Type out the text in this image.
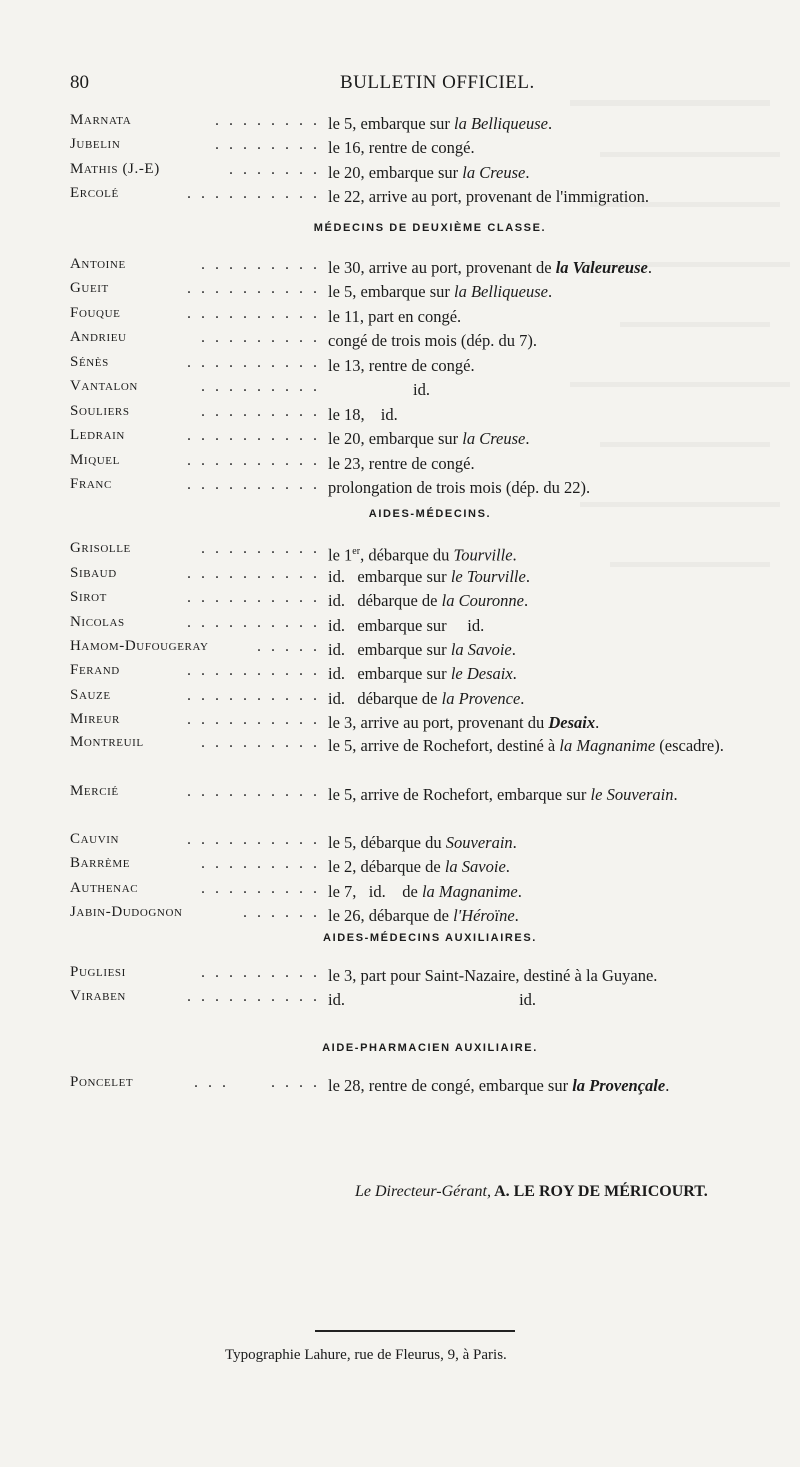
80	BULLETIN OFFICIEL.
Marnata	. . . . . . . . le 5, embarque sur la Belliqueuse.
Jubelin	. . . . . . . . le 16, rentre de congé.
Mathis (J.-E)	. . . . . . . le 20, embarque sur la Creuse.
Ercolé	. . . . . . . . . . le 22, arrive au port, provenant de l'immigration.
MÉDECINS DE DEUXIÈME CLASSE.
Antoine	. . . . . . . . . le 30, arrive au port, provenant de la Valeureuse.
Gueit	. . . . . . . . . . le 5, embarque sur la Belliqueuse.
Fouque	. . . . . . . . . . le 11, part en congé.
Andrieu	. . . . . . . . . congé de trois mois (dép. du 7).
Sénès	. . . . . . . . . . le 13, rentre de congé.
Vantalon	. . . . . . . . .	id.
Souliers	. . . . . . . . . le 18, id.
Ledrain	. . . . . . . . . . le 20, embarque sur la Creuse.
Miquel	. . . . . . . . . . le 23, rentre de congé.
Franc	. . . . . . . . . . prolongation de trois mois (dép. du 22).
AIDES-MÉDECINS.
Grisolle	. . . . . . . . . le 1er, débarque du Tourville.
Sibaud	. . . . . . . . . . id.   embarque sur le Tourville.
Sirot	. . . . . . . . . . id.   débarque de la Couronne.
Nicolas	. . . . . . . . . . id.   embarque sur     id.
Hamom-Dufougeray	. . . . . id.   embarque sur la Savoie.
Ferand	. . . . . . . . . . id.   embarque sur le Desaix.
Sauze	. . . . . . . . . . id.   débarque de la Provence.
Mireur	. . . . . . . . . . le 3, arrive au port, provenant du Desaix.
Montreuil	. . . . . . . . . le 5, arrive de Rochefort, destiné à la Magnanime (escadre).
Mercié	. . . . . . . . . . le 5, arrive de Rochefort, embarque sur le Souverain.
Cauvin	. . . . . . . . . . le 5, débarque du Souverain.
Barrème	. . . . . . . . . le 2, débarque de la Savoie.
Authenac	. . . . . . . . . le 7,   id.    de la Magnanime.
Jabin-Dudognon	. . . . . . le 26, débarque de l'Héroïne.
AIDES-MÉDECINS AUXILIAIRES.
Pugliesi	. . . . . . . . . le 3, part pour Saint-Nazaire, destiné à la Guyane.
Viraben	. . . . . . . . . . id.	id.
AIDE-PHARMACIEN AUXILIAIRE.
Poncelet	. . .      . . . . le 28, rentre de congé, embarque sur la Provençale.
Le Directeur-Gérant, A. LE ROY DE MÉRICOURT.
Typographie Lahure, rue de Fleurus, 9, à Paris.
